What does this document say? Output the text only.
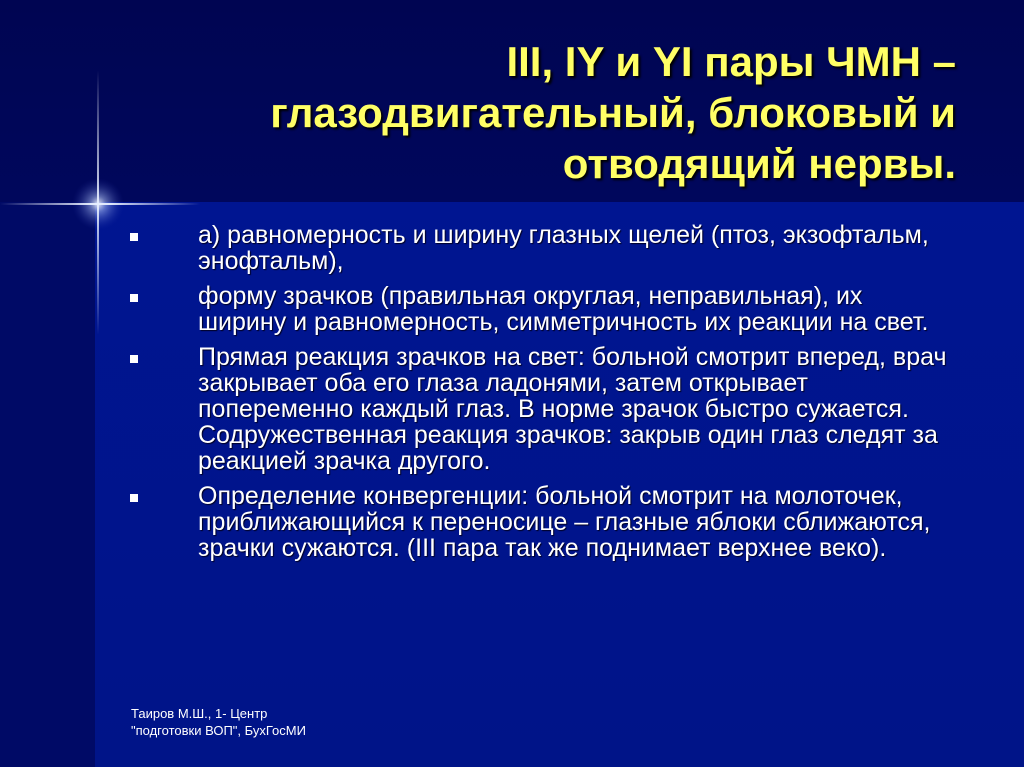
III, IY и YI пары ЧМН –
глазодвигательный, блоковый и
отводящий нервы.
а) равномерность и ширину глазных щелей (птоз, экзофтальм, энофтальм),
форму зрачков (правильная округлая, неправильная), их ширину и равномерность, симметричность их реакции на свет.
Прямая реакция зрачков на свет: больной смотрит вперед, врач закрывает оба его глаза ладонями, затем открывает попеременно каждый глаз. В норме зрачок быстро сужается. Содружественная реакция зрачков: закрыв один глаз следят за реакцией зрачка другого.
Определение конвергенции: больной смотрит на молоточек, приближающийся к переносице – глазные яблоки сближаются, зрачки сужаются. (III пара так же поднимает верхнее веко).
Таиров М.Ш., 1- Центр
"подготовки ВОП", БухГосМИ
